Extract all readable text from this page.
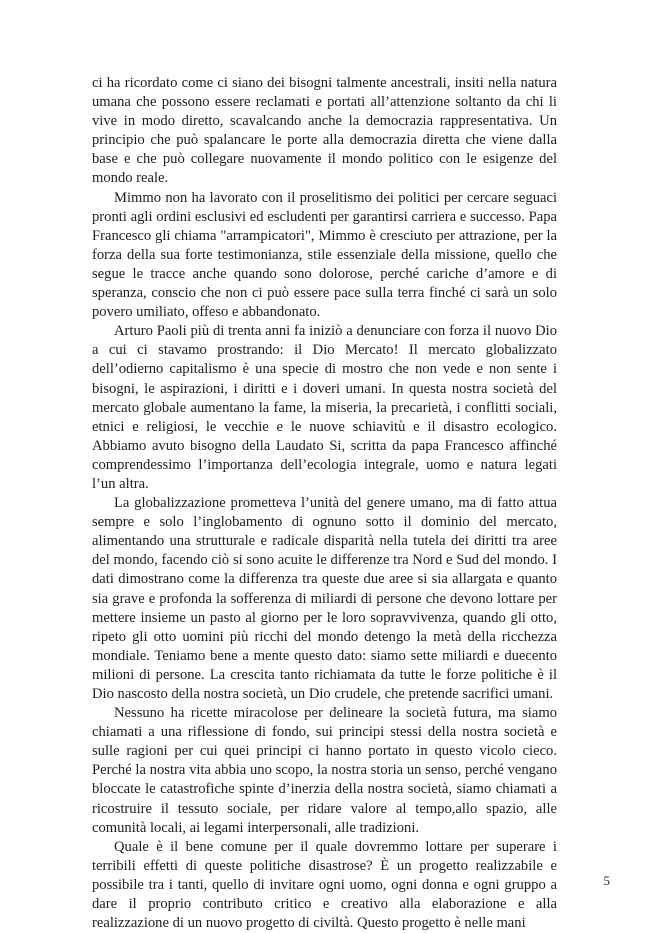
ci ha ricordato come ci siano dei bisogni talmente ancestrali, insiti nella natura umana che possono essere reclamati e portati all’attenzione soltanto da chi li vive in modo diretto, scavalcando anche la democrazia rappresentativa. Un principio che può spalancare le porte alla democrazia diretta che viene dalla base e che può collegare nuovamente il mondo politico con le esigenze del mondo reale.

Mimmo non ha lavorato con il proselitismo dei politici per cercare seguaci pronti agli ordini esclusivi ed escludenti per garantirsi carriera e successo. Papa Francesco gli chiama "arrampicatori", Mimmo è cresciuto per attrazione, per la forza della sua forte testimonianza, stile essenziale della missione, quello che segue le tracce anche quando sono dolorose, perché cariche d’amore e di speranza, conscio che non ci può essere pace sulla terra finché ci sarà un solo povero umiliato, offeso e abbandonato.

Arturo Paoli più di trenta anni fa iniziò a denunciare con forza il nuovo Dio a cui ci stavamo prostrando: il Dio Mercato! Il mercato globalizzato dell’odierno capitalismo è una specie di mostro che non vede e non sente i bisogni, le aspirazioni, i diritti e i doveri umani. In questa nostra società del mercato globale aumentano la fame, la miseria, la precarietà, i conflitti sociali, etnici e religiosi, le vecchie e le nuove schiavitù e il disastro ecologico. Abbiamo avuto bisogno della Laudato Si, scritta da papa Francesco affinché comprendessimo l’importanza dell’ecologia integrale, uomo e natura legati l’un altra.

La globalizzazione prometteva l’unità del genere umano, ma di fatto attua sempre e solo l’inglobamento di ognuno sotto il dominio del mercato, alimentando una strutturale e radicale disparità nella tutela dei diritti tra aree del mondo, facendo ciò si sono acuite le differenze tra Nord e Sud del mondo. I dati dimostrano come la differenza tra queste due aree si sia allargata e quanto sia grave e profonda la sofferenza di miliardi di persone che devono lottare per mettere insieme un pasto al giorno per le loro sopravvivenza, quando gli otto, ripeto gli otto uomini più ricchi del mondo detengo la metà della ricchezza mondiale. Teniamo bene a mente questo dato: siamo sette miliardi e duecento milioni di persone. La crescita tanto richiamata da tutte le forze politiche è il Dio nascosto della nostra società, un Dio crudele, che pretende sacrifici umani.

Nessuno ha ricette miracolose per delineare la società futura, ma siamo chiamati a una riflessione di fondo, sui principi stessi della nostra società e sulle ragioni per cui quei principi ci hanno portato in questo vicolo cieco. Perché la nostra vita abbia uno scopo, la nostra storia un senso, perché vengano bloccate le catastrofiche spinte d’inerzia della nostra società, siamo chiamati a ricostruire il tessuto sociale, per ridare valore al tempo,allo spazio, alle comunità locali, ai legami interpersonali, alle tradizioni.

Quale è il bene comune per il quale dovremmo lottare per superare i terribili effetti di queste politiche disastrose? È un progetto realizzabile e possibile tra i tanti, quello di invitare ogni uomo, ogni donna e ogni gruppo a dare il proprio contributo critico e creativo alla elaborazione e alla realizzazione di un nuovo progetto di civiltà. Questo progetto è nelle mani

5
